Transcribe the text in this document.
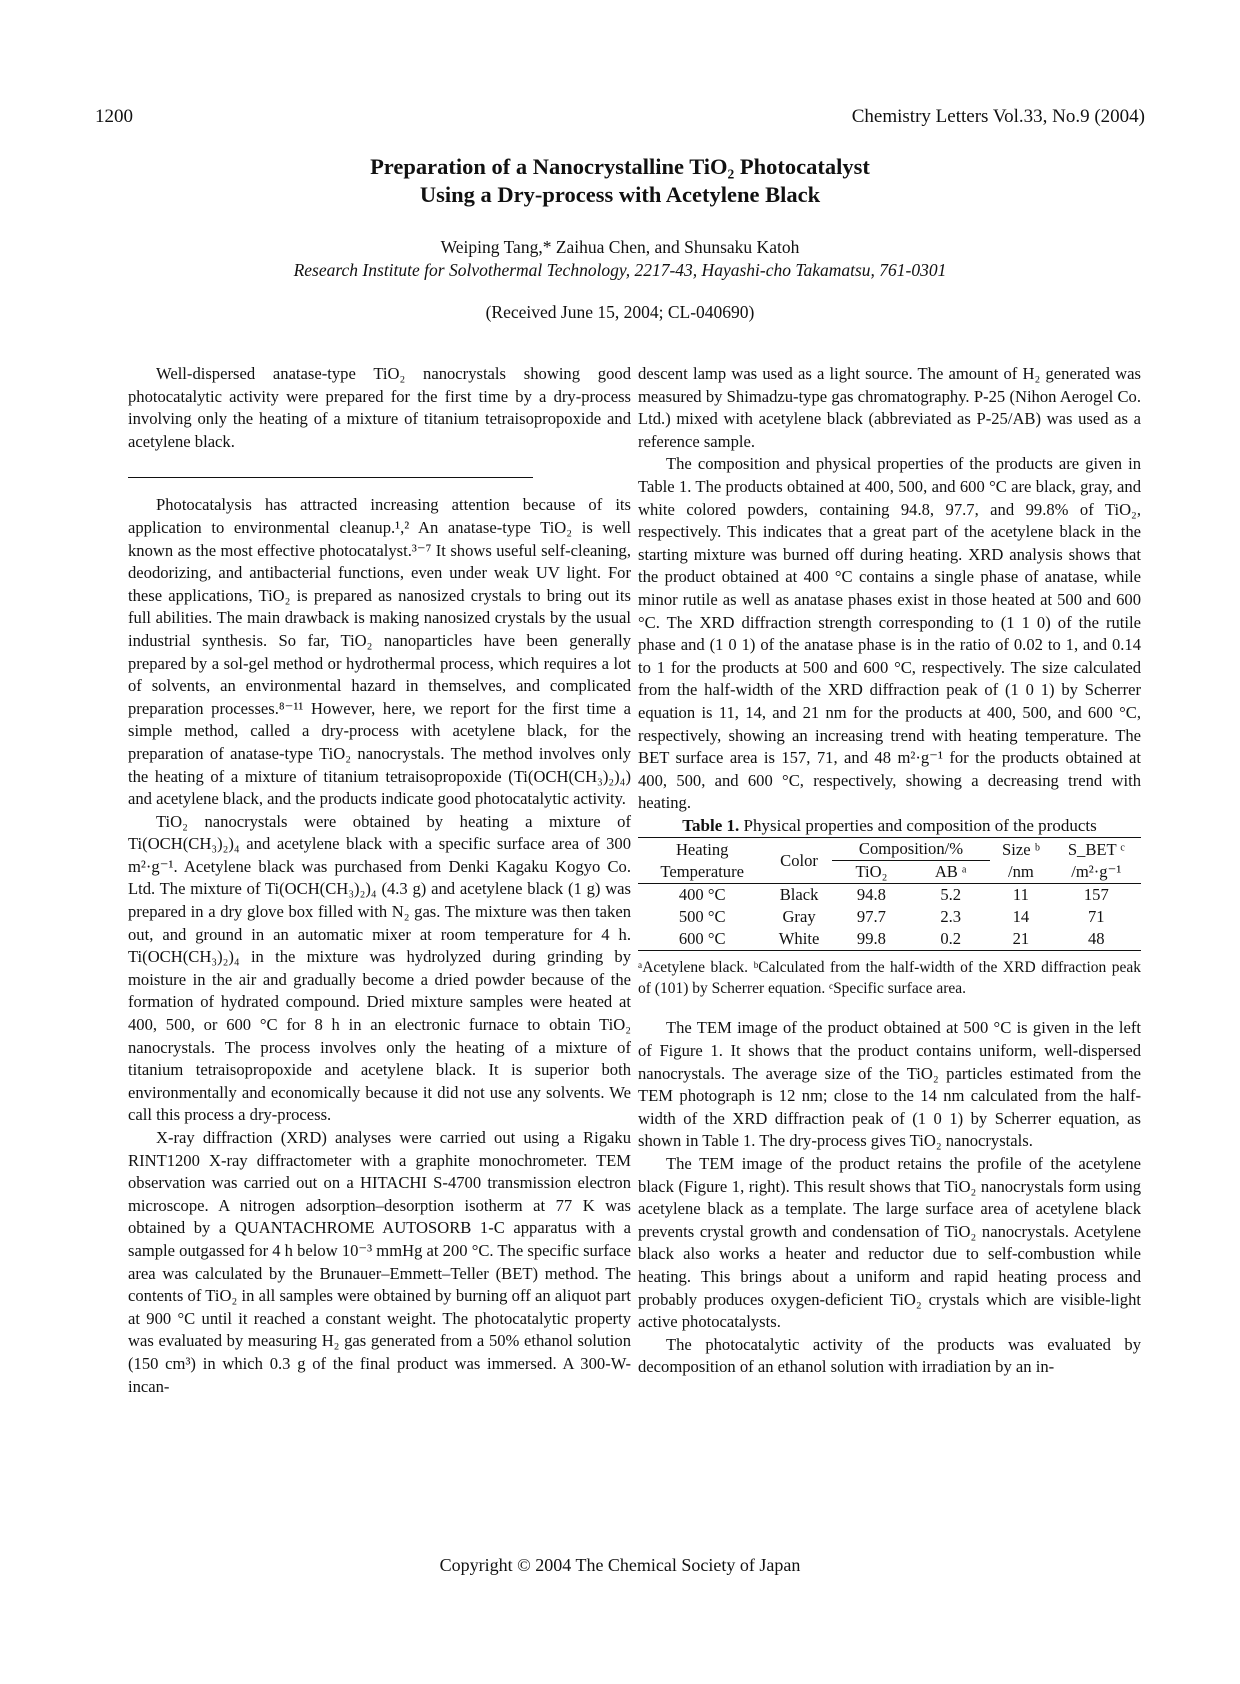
1200	Chemistry Letters Vol.33, No.9 (2004)
Preparation of a Nanocrystalline TiO₂ Photocatalyst
Using a Dry-process with Acetylene Black
Weiping Tang,* Zaihua Chen, and Shunsaku Katoh
Research Institute for Solvothermal Technology, 2217-43, Hayashi-cho Takamatsu, 761-0301
(Received June 15, 2004; CL-040690)

Well-dispersed anatase-type TiO₂ nanocrystals showing good photocatalytic activity were prepared for the first time by a dry-process involving only the heating of a mixture of titanium tetraisopropoxide and acetylene black.

Photocatalysis has attracted increasing attention because of its application to environmental cleanup.¹,² An anatase-type TiO₂ is well known as the most effective photocatalyst.³⁻⁷ It shows useful self-cleaning, deodorizing, and antibacterial functions, even under weak UV light. For these applications, TiO₂ is prepared as nanosized crystals to bring out its full abilities. The main drawback is making nanosized crystals by the usual industrial synthesis. So far, TiO₂ nanoparticles have been generally prepared by a sol-gel method or hydrothermal process, which requires a lot of solvents, an environmental hazard in themselves, and complicated preparation processes.⁸⁻¹¹ However, here, we report for the first time a simple method, called a dry-process with acetylene black, for the preparation of anatase-type TiO₂ nanocrystals. The method involves only the heating of a mixture of titanium tetraisopropoxide (Ti(OCH(CH₃)₂)₄) and acetylene black, and the products indicate good photocatalytic activity.

TiO₂ nanocrystals were obtained by heating a mixture of Ti(OCH(CH₃)₂)₄ and acetylene black with a specific surface area of 300 m²·g⁻¹. Acetylene black was purchased from Denki Kagaku Kogyo Co. Ltd. The mixture of Ti(OCH(CH₃)₂)₄ (4.3 g) and acetylene black (1 g) was prepared in a dry glove box filled with N₂ gas. The mixture was then taken out, and ground in an automatic mixer at room temperature for 4 h. Ti(OCH(CH₃)₂)₄ in the mixture was hydrolyzed during grinding by moisture in the air and gradually become a dried powder because of the formation of hydrated compound. Dried mixture samples were heated at 400, 500, or 600 °C for 8 h in an electronic furnace to obtain TiO₂ nanocrystals. The process involves only the heating of a mixture of titanium tetraisopropoxide and acetylene black. It is superior both environmentally and economically because it did not use any solvents. We call this process a dry-process.

X-ray diffraction (XRD) analyses were carried out using a Rigaku RINT1200 X-ray diffractometer with a graphite monochrometer. TEM observation was carried out on a HITACHI S-4700 transmission electron microscope. A nitrogen adsorption–desorption isotherm at 77 K was obtained by a QUANTACHROME AUTOSORB 1-C apparatus with a sample outgassed for 4 h below 10⁻³ mmHg at 200 °C. The specific surface area was calculated by the Brunauer–Emmett–Teller (BET) method. The contents of TiO₂ in all samples were obtained by burning off an aliquot part at 900 °C until it reached a constant weight. The photocatalytic property was evaluated by measuring H₂ gas generated from a 50% ethanol solution (150 cm³) in which 0.3 g of the final product was immersed. A 300-W-incan-

descent lamp was used as a light source. The amount of H₂ generated was measured by Shimadzu-type gas chromatography. P-25 (Nihon Aerogel Co. Ltd.) mixed with acetylene black (abbreviated as P-25/AB) was used as a reference sample.

The composition and physical properties of the products are given in Table 1. The products obtained at 400, 500, and 600 °C are black, gray, and white colored powders, containing 94.8, 97.7, and 99.8% of TiO₂, respectively. This indicates that a great part of the acetylene black in the starting mixture was burned off during heating. XRD analysis shows that the product obtained at 400 °C contains a single phase of anatase, while minor rutile as well as anatase phases exist in those heated at 500 and 600 °C. The XRD diffraction strength corresponding to (1 1 0) of the rutile phase and (1 0 1) of the anatase phase is in the ratio of 0.02 to 1, and 0.14 to 1 for the products at 500 and 600 °C, respectively. The size calculated from the half-width of the XRD diffraction peak of (1 0 1) by Scherrer equation is 11, 14, and 21 nm for the products at 400, 500, and 600 °C, respectively, showing an increasing trend with heating temperature. The BET surface area is 157, 71, and 48 m²·g⁻¹ for the products obtained at 400, 500, and 600 °C, respectively, showing a decreasing trend with heating.

Table 1. Physical properties and composition of the products

Heating	Color	Composition/%		Size ᵇ	S_BET ᶜ
Temperature		TiO₂	AB ᵃ	/nm	/m²·g⁻¹
400 °C	Black	94.8	5.2	11	157
500 °C	Gray	97.7	2.3	14	71
600 °C	White	99.8	0.2	21	48

ᵃAcetylene black. ᵇCalculated from the half-width of the XRD diffraction peak of (101) by Scherrer equation. ᶜSpecific surface area.

The TEM image of the product obtained at 500 °C is given in the left of Figure 1. It shows that the product contains uniform, well-dispersed nanocrystals. The average size of the TiO₂ particles estimated from the TEM photograph is 12 nm; close to the 14 nm calculated from the half-width of the XRD diffraction peak of (1 0 1) by Scherrer equation, as shown in Table 1. The dry-process gives TiO₂ nanocrystals.

The TEM image of the product retains the profile of the acetylene black (Figure 1, right). This result shows that TiO₂ nanocrystals form using acetylene black as a template. The large surface area of acetylene black prevents crystal growth and condensation of TiO₂ nanocrystals. Acetylene black also works a heater and reductor due to self-combustion while heating. This brings about a uniform and rapid heating process and probably produces oxygen-deficient TiO₂ crystals which are visible-light active photocatalysts.

The photocatalytic activity of the products was evaluated by decomposition of an ethanol solution with irradiation by an in-

Copyright © 2004 The Chemical Society of Japan
